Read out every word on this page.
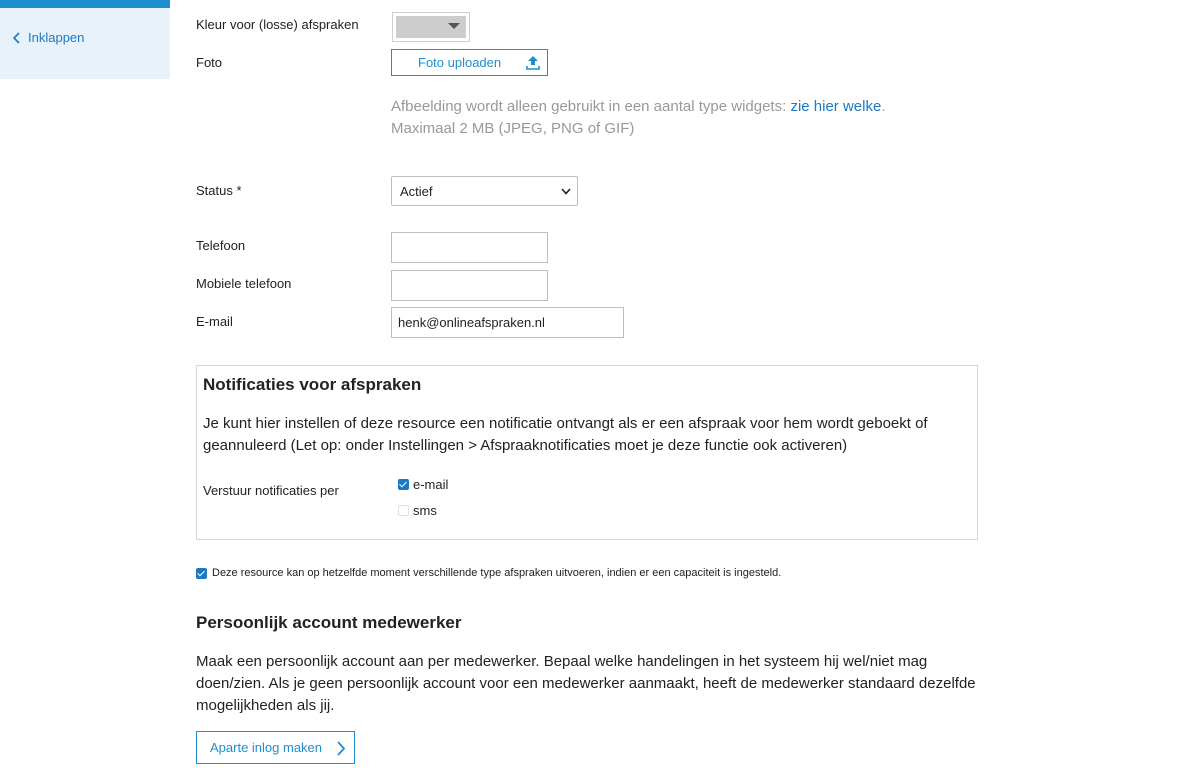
Inklappen
Kleur voor (losse) afspraken
Foto	Foto uploaden
Afbeelding wordt alleen gebruikt in een aantal type widgets: zie hier welke.
Maximaal 2 MB (JPEG, PNG of GIF)
Status *	Actief
Telefoon
Mobiele telefoon
E-mail	henk@onlineafspraken.nl
Notificaties voor afspraken
Je kunt hier instellen of deze resource een notificatie ontvangt als er een afspraak voor hem wordt geboekt of geannuleerd (Let op: onder Instellingen > Afspraaknotificaties moet je deze functie ook activeren)
Verstuur notificaties per	e-mail
sms
Deze resource kan op hetzelfde moment verschillende type afspraken uitvoeren, indien er een capaciteit is ingesteld.
Persoonlijk account medewerker
Maak een persoonlijk account aan per medewerker. Bepaal welke handelingen in het systeem hij wel/niet mag doen/zien. Als je geen persoonlijk account voor een medewerker aanmaakt, heeft de medewerker standaard dezelfde mogelijkheden als jij.
Aparte inlog maken
